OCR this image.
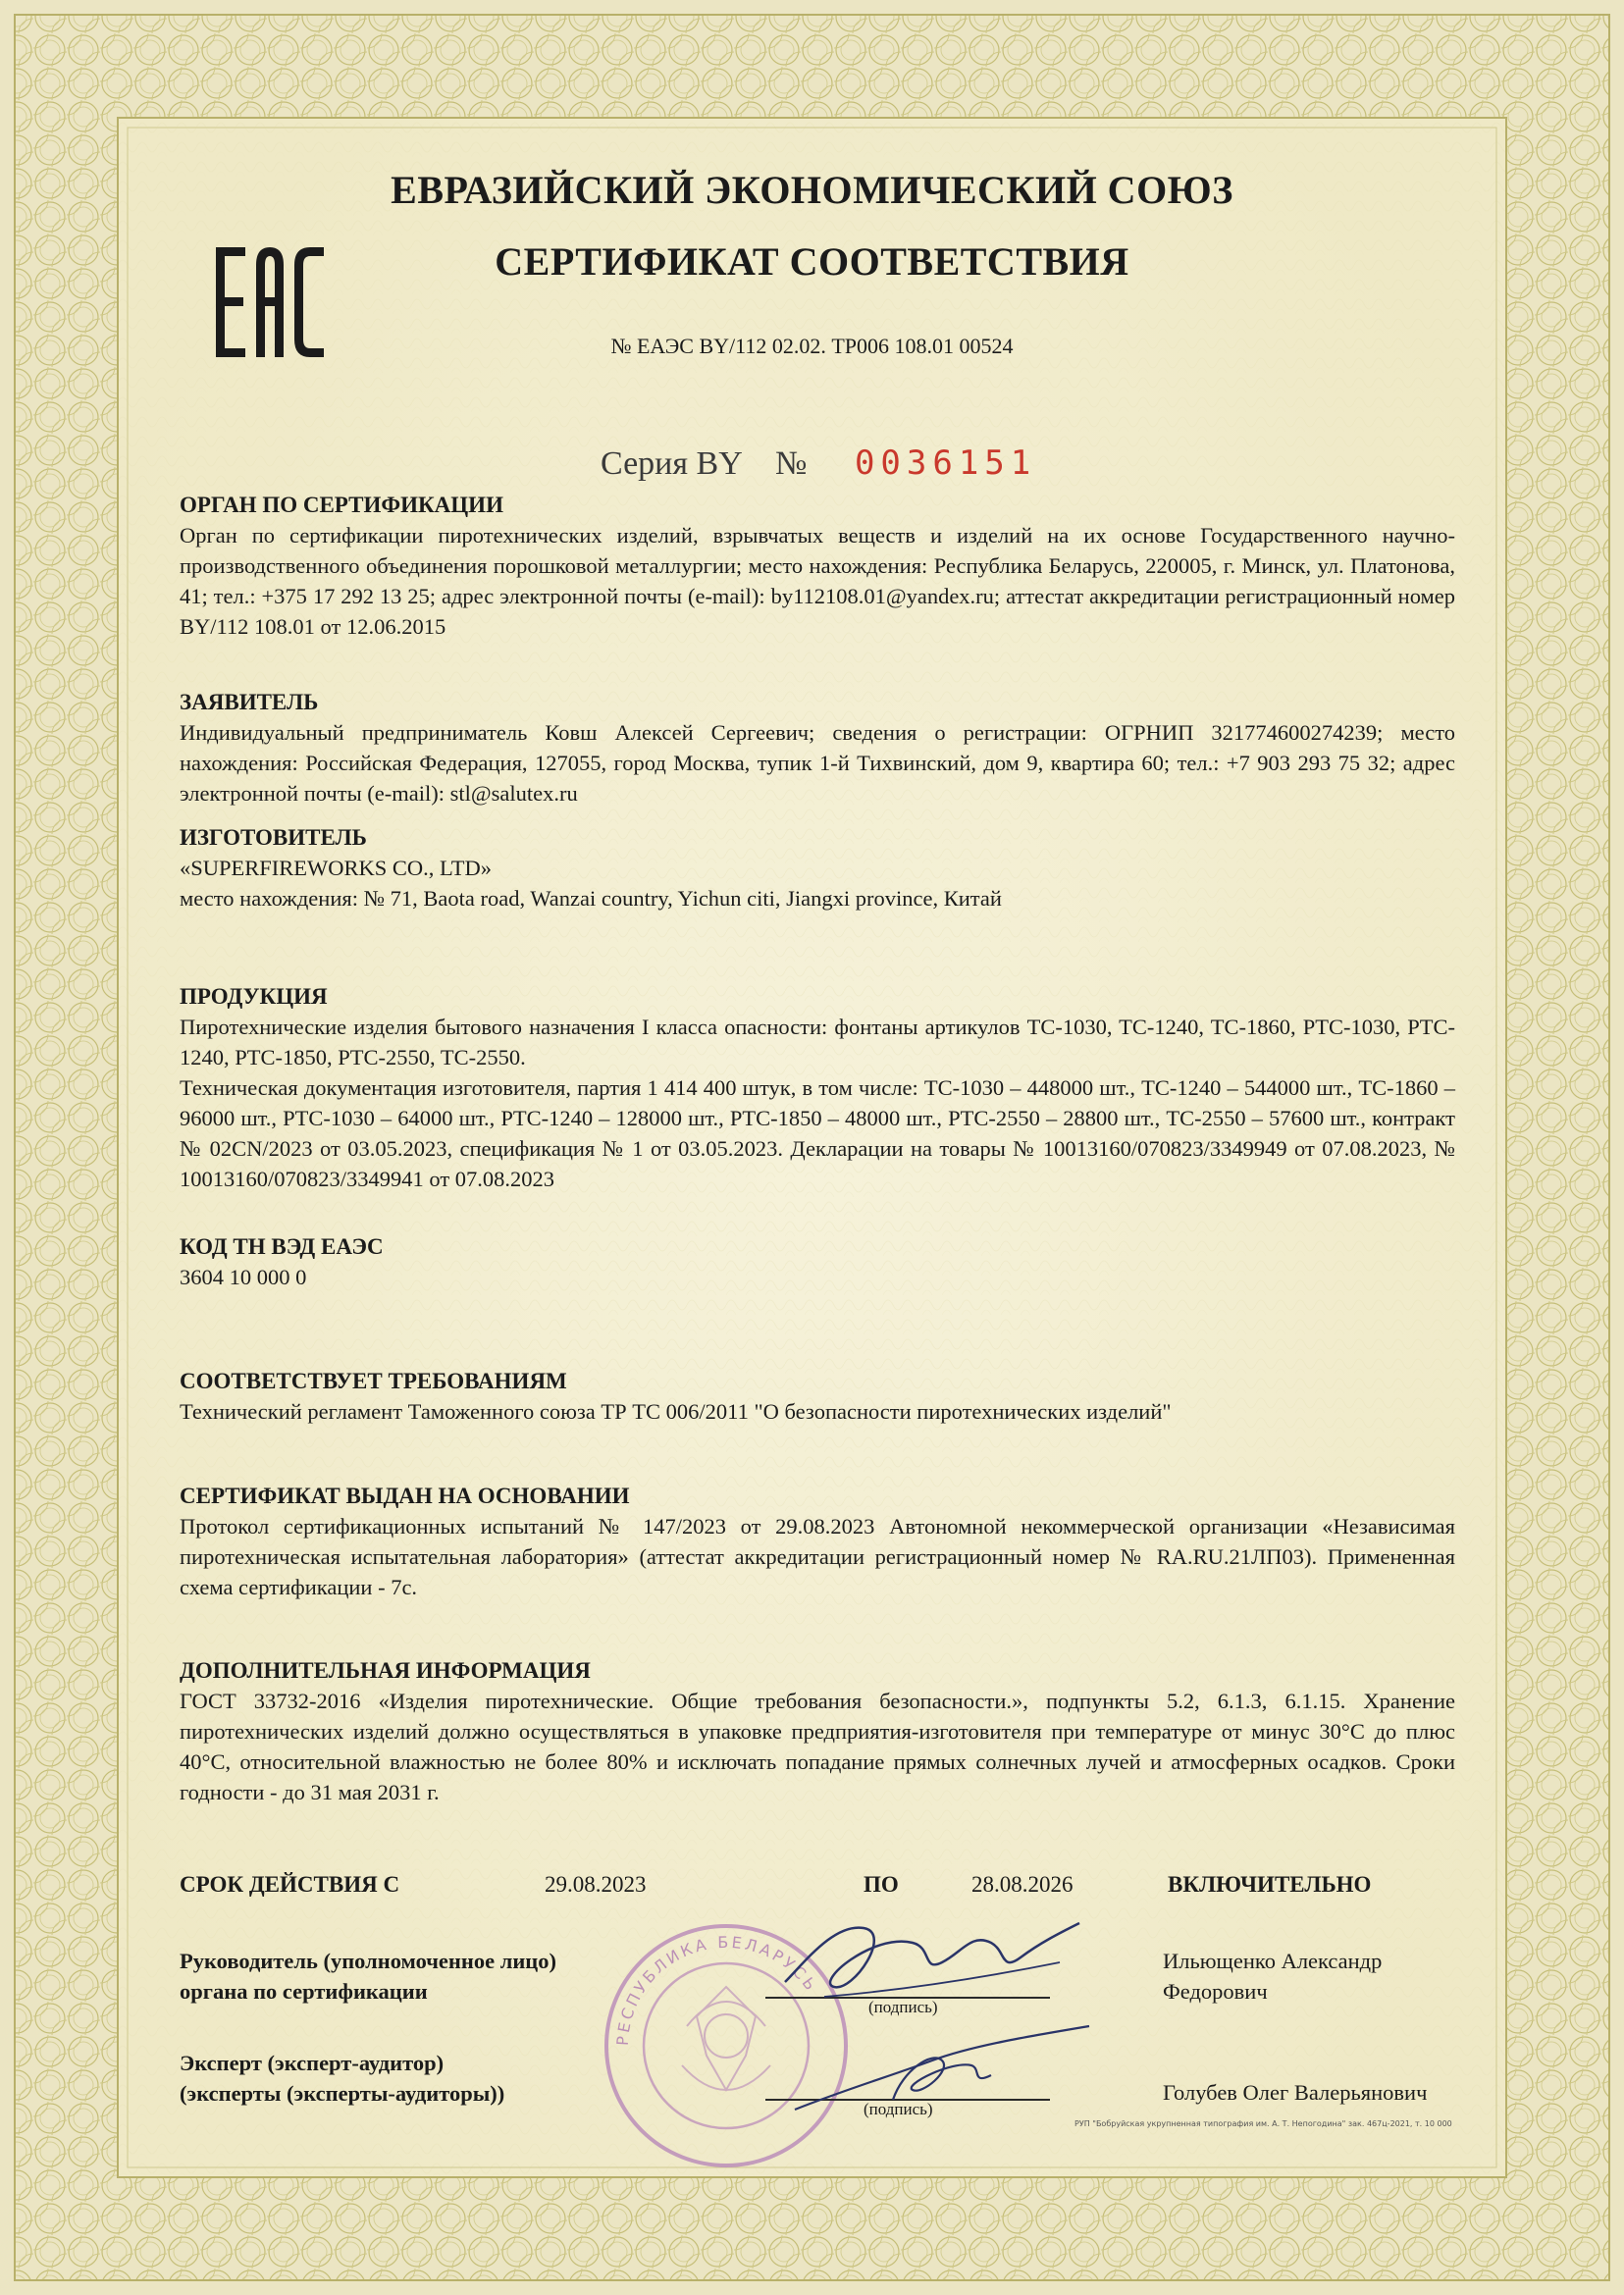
ЕВРАЗИЙСКИЙ ЭКОНОМИЧЕСКИЙ СОЮЗ
СЕРТИФИКАТ СООТВЕТСТВИЯ
№ ЕАЭС BY/112 02.02. ТР006 108.01 00524
Серия BY № 0036151
ОРГАН ПО СЕРТИФИКАЦИИ

Орган по сертификации пиротехнических изделий, взрывчатых веществ и изделий на их основе Государственного научно-производственного объединения порошковой металлургии; место нахождения: Республика Беларусь, 220005, г. Минск, ул. Платонова, 41; тел.: +375 17 292 13 25; адрес электронной почты (e-mail): by112108.01@yandex.ru; аттестат аккредитации регистрационный номер BY/112 108.01 от 12.06.2015

ЗАЯВИТЕЛЬ

Индивидуальный предприниматель Ковш Алексей Сергеевич; сведения о регистрации: ОГРНИП 321774600274239; место нахождения: Российская Федерация, 127055, город Москва, тупик 1-й Тихвинский, дом 9, квартира 60; тел.: +7 903 293 75 32; адрес электронной почты (e-mail): stl@salutex.ru

ИЗГОТОВИТЕЛЬ

«SUPERFIREWORKS CO., LTD»

место нахождения: № 71, Baota road, Wanzai country, Yichun citi, Jiangxi province, Китай

ПРОДУКЦИЯ

Пиротехнические изделия бытового назначения I класса опасности: фонтаны артикулов TC-1030, TC-1240, TC-1860, PTC-1030, PTC-1240, PTC-1850, PTC-2550, TC-2550.

Техническая документация изготовителя, партия 1 414 400 штук, в том числе: TC-1030 – 448000 шт., TC-1240 – 544000 шт., TC-1860 – 96000 шт., PTC-1030 – 64000 шт., PTC-1240 – 128000 шт., PTC-1850 – 48000 шт., PTC-2550 – 28800 шт., TC-2550 – 57600 шт., контракт № 02CN/2023 от 03.05.2023, спецификация № 1 от 03.05.2023. Декларации на товары № 10013160/070823/3349949 от 07.08.2023, № 10013160/070823/3349941 от 07.08.2023

КОД ТН ВЭД ЕАЭС

3604 10 000 0

СООТВЕТСТВУЕТ ТРЕБОВАНИЯМ

Технический регламент Таможенного союза ТР ТС 006/2011 "О безопасности пиротехнических изделий"

СЕРТИФИКАТ ВЫДАН НА ОСНОВАНИИ

Протокол сертификационных испытаний № 147/2023 от 29.08.2023 Автономной некоммерческой организации «Независимая пиротехническая испытательная лаборатория» (аттестат аккредитации регистрационный номер № RA.RU.21ЛП03). Примененная схема сертификации - 7с.

ДОПОЛНИТЕЛЬНАЯ ИНФОРМАЦИЯ

ГОСТ 33732-2016 «Изделия пиротехнические. Общие требования безопасности.», подпункты 5.2, 6.1.3, 6.1.15. Хранение пиротехнических изделий должно осуществляться в упаковке предприятия-изготовителя при температуре от минус 30°С до плюс 40°С, относительной влажностью не более 80% и исключать попадание прямых солнечных лучей и атмосферных осадков. Сроки годности - до 31 мая 2031 г.

СРОК ДЕЙСТВИЯ С	29.08.2023	ПО	28.08.2026	ВКЛЮЧИТЕЛЬНО
РЕСПУБЛИКА БЕЛАРУСЬ
Руководитель (уполномоченное лицо)
органа по сертификации
Ильющенко Александр
Федорович
(подпись)
Эксперт (эксперт-аудитор)
(эксперты (эксперты-аудиторы))	Голубев Олег Валерьянович
(подпись)
РУП "Бобруйская укрупненная типография им. А. Т. Непогодина" зак. 467ц-2021, т. 10 000
